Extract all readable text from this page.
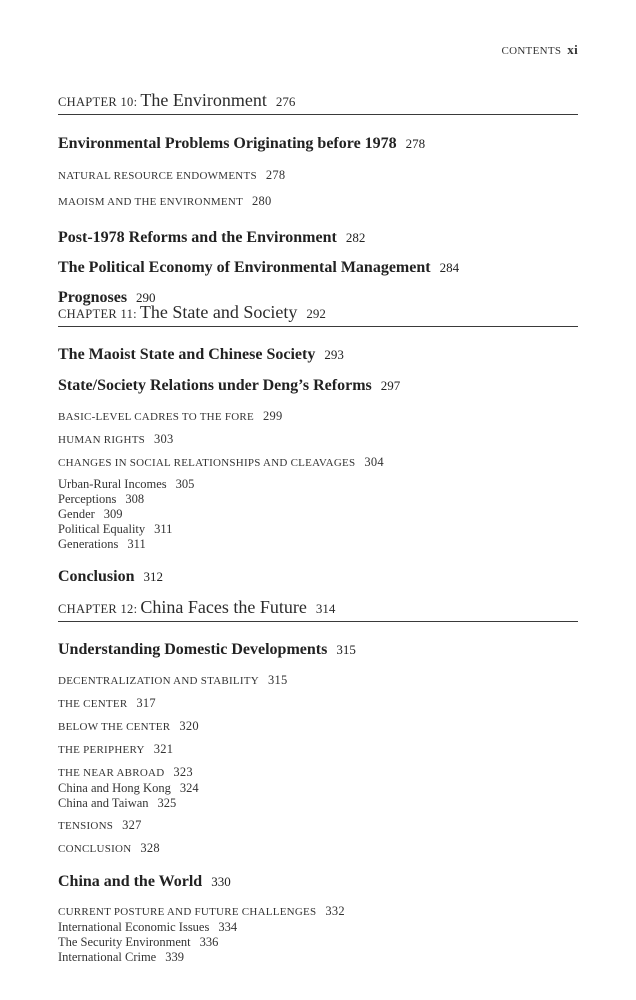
CONTENTS xi
CHAPTER 10: The Environment 276
Environmental Problems Originating before 1978 278
NATURAL RESOURCE ENDOWMENTS 278
MAOISM AND THE ENVIRONMENT 280
Post-1978 Reforms and the Environment 282
The Political Economy of Environmental Management 284
Prognoses 290
CHAPTER 11: The State and Society 292
The Maoist State and Chinese Society 293
State/Society Relations under Deng’s Reforms 297
BASIC-LEVEL CADRES TO THE FORE 299
HUMAN RIGHTS 303
CHANGES IN SOCIAL RELATIONSHIPS AND CLEAVAGES 304
Urban-Rural Incomes 305
Perceptions 308
Gender 309
Political Equality 311
Generations 311
Conclusion 312
CHAPTER 12: China Faces the Future 314
Understanding Domestic Developments 315
DECENTRALIZATION AND STABILITY 315
THE CENTER 317
BELOW THE CENTER 320
THE PERIPHERY 321
THE NEAR ABROAD 323
China and Hong Kong 324
China and Taiwan 325
TENSIONS 327
CONCLUSION 328
China and the World 330
CURRENT POSTURE AND FUTURE CHALLENGES 332
International Economic Issues 334
The Security Environment 336
International Crime 339
